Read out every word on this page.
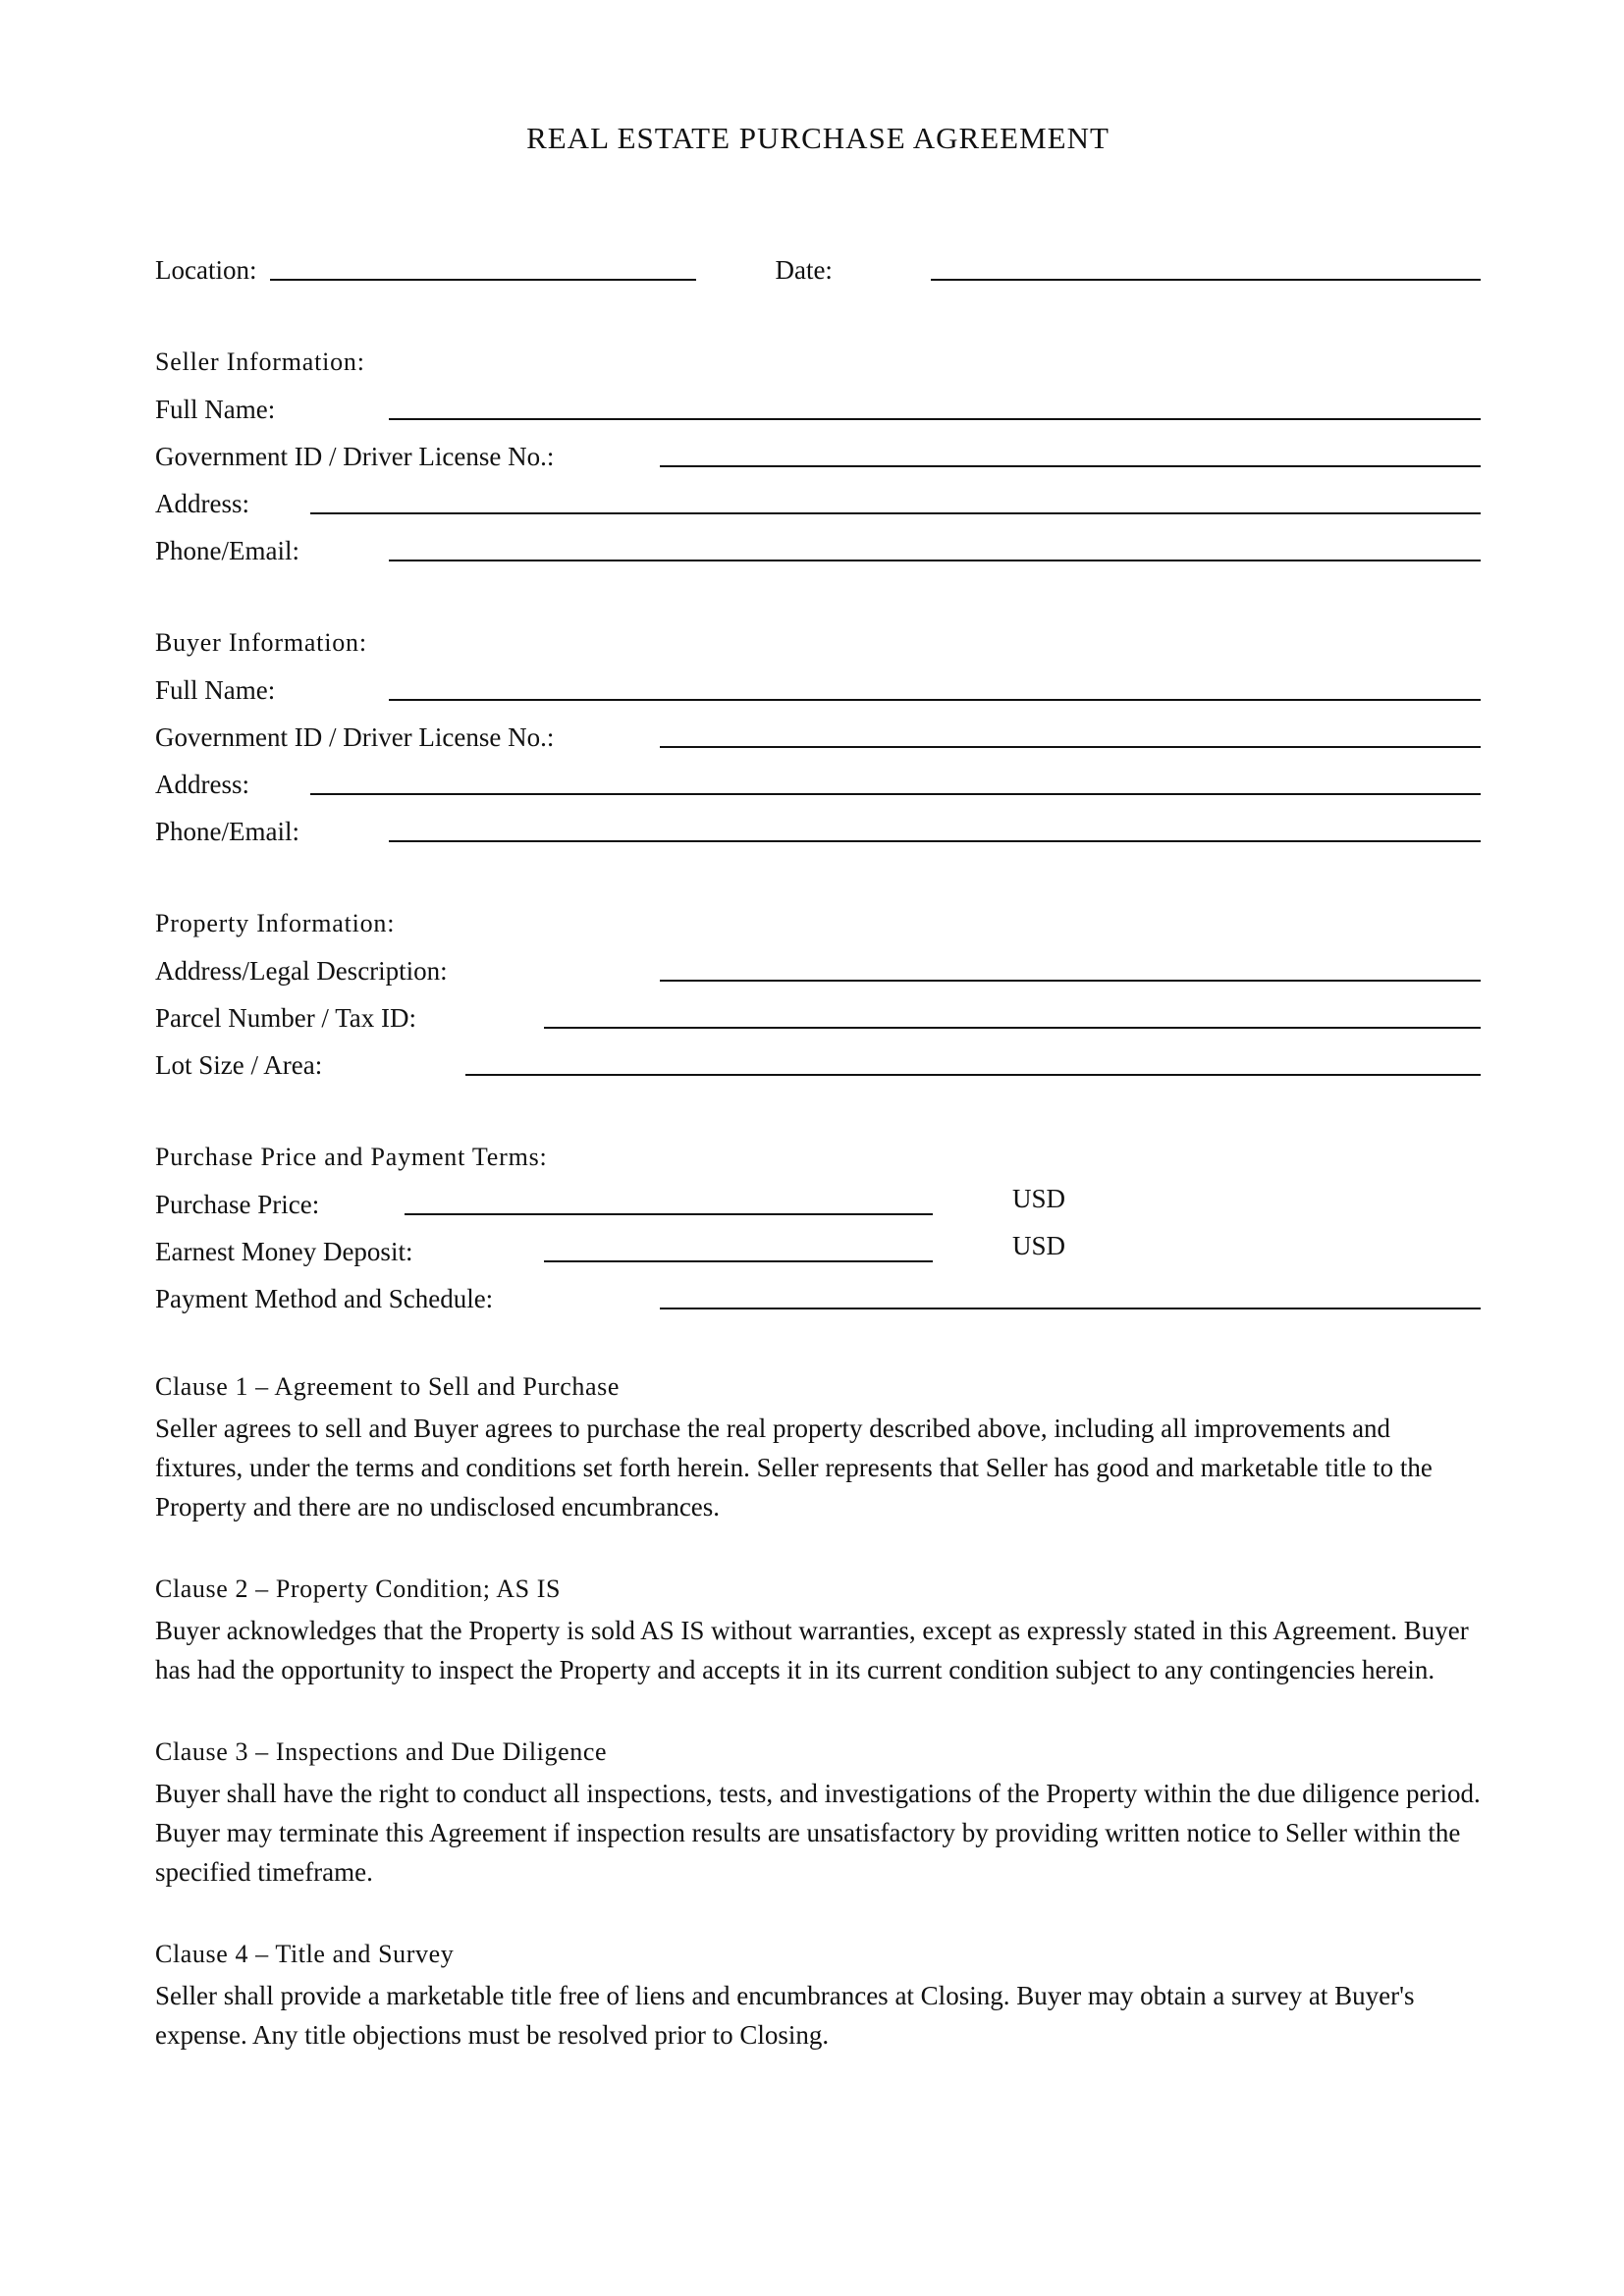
REAL ESTATE PURCHASE AGREEMENT
Location:	Date:
Seller Information:
Full Name:
Government ID / Driver License No.:
Address:
Phone/Email:
Buyer Information:
Full Name:
Government ID / Driver License No.:
Address:
Phone/Email:
Property Information:
Address/Legal Description:
Parcel Number / Tax ID:
Lot Size / Area:
Purchase Price and Payment Terms:
Purchase Price:	USD
Earnest Money Deposit:	USD
Payment Method and Schedule:
Clause 1 – Agreement to Sell and Purchase
Seller agrees to sell and Buyer agrees to purchase the real property described above, including all improvements and fixtures, under the terms and conditions set forth herein. Seller represents that Seller has good and marketable title to the Property and there are no undisclosed encumbrances.
Clause 2 – Property Condition; AS IS
Buyer acknowledges that the Property is sold AS IS without warranties, except as expressly stated in this Agreement. Buyer has had the opportunity to inspect the Property and accepts it in its current condition subject to any contingencies herein.
Clause 3 – Inspections and Due Diligence
Buyer shall have the right to conduct all inspections, tests, and investigations of the Property within the due diligence period. Buyer may terminate this Agreement if inspection results are unsatisfactory by providing written notice to Seller within the specified timeframe.
Clause 4 – Title and Survey
Seller shall provide a marketable title free of liens and encumbrances at Closing. Buyer may obtain a survey at Buyer's expense. Any title objections must be resolved prior to Closing.
